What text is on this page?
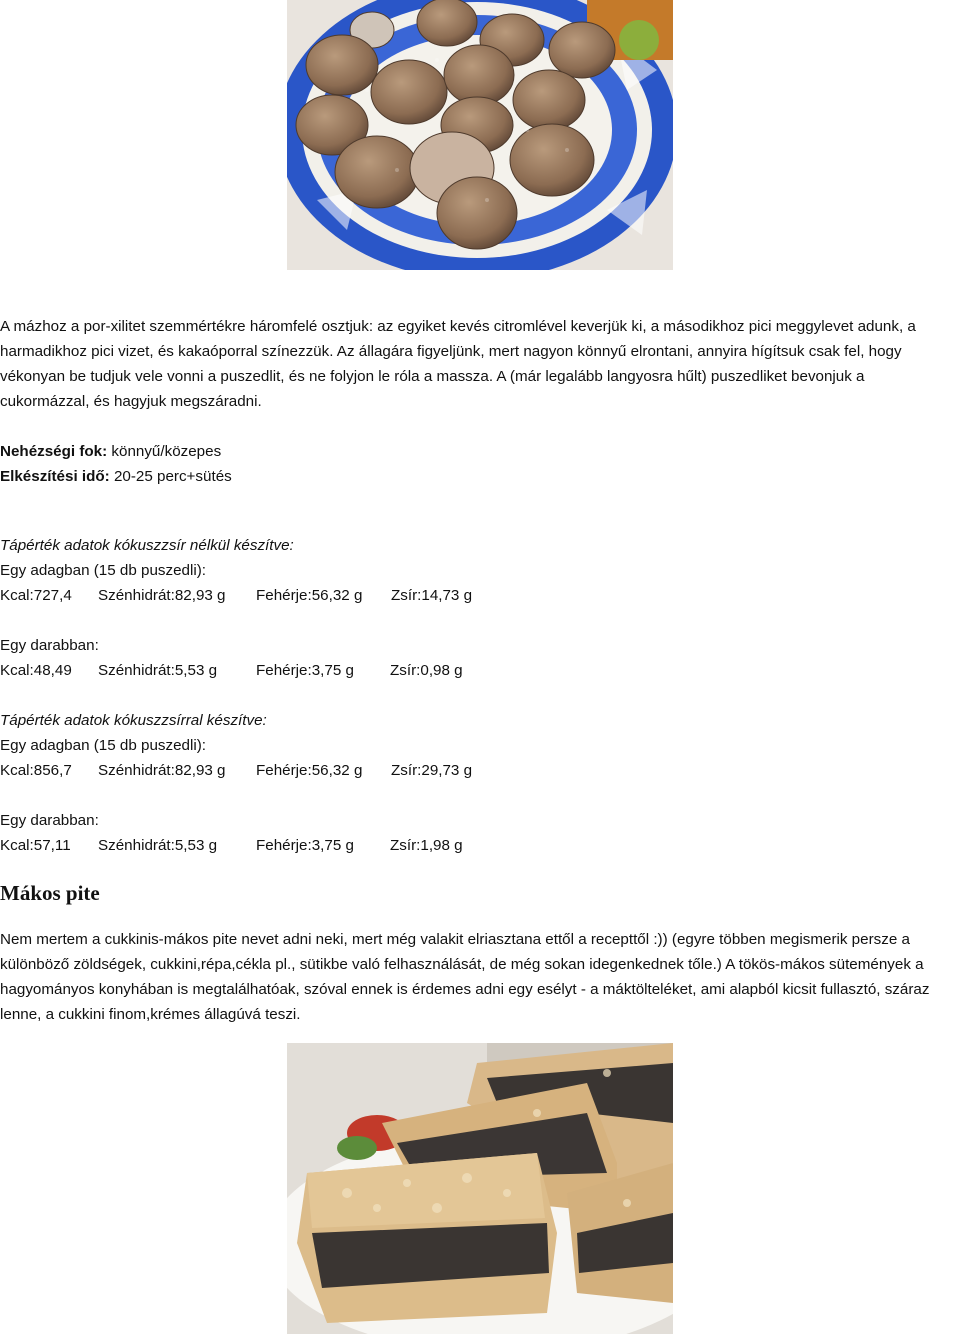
A mázhoz a por-xilitet szemmértékre háromfelé osztjuk: az egyiket kevés citromlével keverjük ki, a másodikhoz pici meggylevet adunk, a harmadikhoz pici vizet, és kakaóporral színezzük. Az állagára figyeljünk, mert nagyon könnyű elrontani, annyira hígítsuk csak fel, hogy vékonyan be tudjuk vele vonni a puszedlit, és ne folyjon le róla a massza. A (már legalább langyosra hűlt) puszedliket bevonjuk a cukormázzal, és hagyjuk megszáradni.

Nehézségi fok: könnyű/közepes
Elkészítési idő: 20-25 perc+sütés
Tápérték adatok kókuszzsír nélkül készítve:
Egy adagban (15 db puszedli):
Kcal:727,4 Szénhidrát:82,93 g Fehérje:56,32 g Zsír:14,73 g
Egy darabban:
Kcal:48,49 Szénhidrát:5,53 g	Fehérje:3,75 g Zsír:0,98 g
Tápérték adatok kókuszzsírral készítve:
Egy adagban (15 db puszedli):
Kcal:856,7 Szénhidrát:82,93 g Fehérje:56,32 g Zsír:29,73 g
Egy darabban:
Kcal:57,11 Szénhidrát:5,53 g	Fehérje:3,75 g Zsír:1,98 g
Mákos pite

Nem mertem a cukkinis-mákos pite nevet adni neki, mert még valakit elriasztana ettől a recepttől :)) (egyre többen megismerik persze a különböző zöldségek, cukkini,répa,cékla pl., sütikbe való felhasználását, de még sokan idegenkednek tőle.) A tökös-mákos sütemények a hagyományos konyhában is megtalálhatóak, szóval ennek is érdemes adni egy esélyt - a máktölteléket, ami alapból kicsit fullasztó, száraz lenne, a cukkini finom,krémes állagúvá teszi.
